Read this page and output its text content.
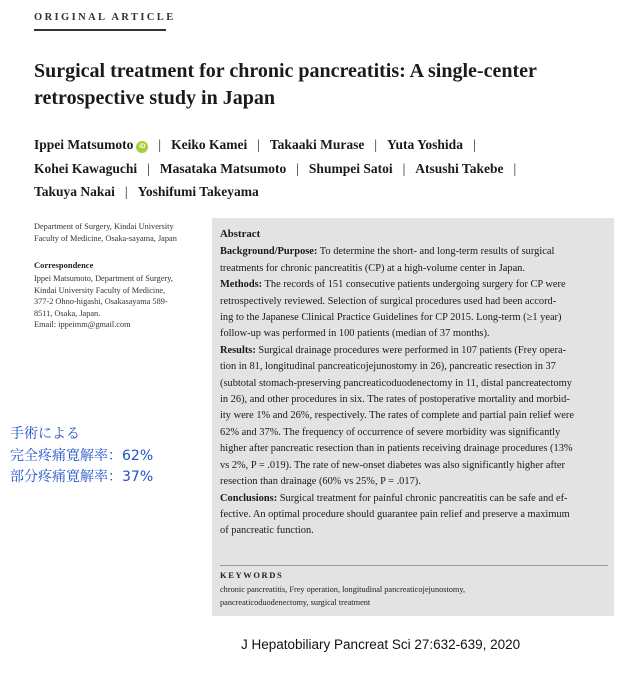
ORIGINAL ARTICLE
Surgical treatment for chronic pancreatitis: A single-center
retrospective study in Japan
Ippei Matsumoto iD | Keiko Kamei | Takaaki Murase | Yuta Yoshida |
Kohei Kawaguchi | Masataka Matsumoto | Shumpei Satoi | Atsushi Takebe |
Takuya Nakai | Yoshifumi Takeyama
Department of Surgery, Kindai University
Faculty of Medicine, Osaka-sayama, Japan
Correspondence
Ippei Matsumoto, Department of Surgery,
Kindai University Faculty of Medicine,
377-2 Ohno-higashi, Osakasayama 589-
8511, Osaka, Japan.
Email: ippeimm@gmail.com
Abstract
Background/Purpose: To determine the short- and long-term results of surgical
treatments for chronic pancreatitis (CP) at a high-volume center in Japan.
Methods: The records of 151 consecutive patients undergoing surgery for CP were
retrospectively reviewed. Selection of surgical procedures used had been accord-
ing to the Japanese Clinical Practice Guidelines for CP 2015. Long-term (≥1 year)
follow-up was performed in 100 patients (median of 37 months).
Results: Surgical drainage procedures were performed in 107 patients (Frey opera-
tion in 81, longitudinal pancreaticojejunostomy in 26), pancreatic resection in 37
(subtotal stomach-preserving pancreaticoduodenectomy in 11, distal pancreatectomy
in 26), and other procedures in six. The rates of postoperative mortality and morbid-
ity were 1% and 26%, respectively. The rates of complete and partial pain relief were
62% and 37%. The frequency of occurrence of severe morbidity was significantly
higher after pancreatic resection than in patients receiving drainage procedures (13%
vs 2%, P = .019). The rate of new-onset diabetes was also significantly higher after
resection than drainage (60% vs 25%, P = .017).
Conclusions: Surgical treatment for painful chronic pancreatitis can be safe and ef-
fective. An optimal procedure should guarantee pain relief and preserve a maximum
of pancreatic function.
KEYWORDS
chronic pancreatitis, Frey operation, longitudinal pancreaticojejunostomy,
pancreaticoduodenectomy, surgical treatment
手術による
完全疼痛寛解率：62%
部分疼痛寛解率：37%
J Hepatobiliary Pancreat Sci 27:632-639, 2020
